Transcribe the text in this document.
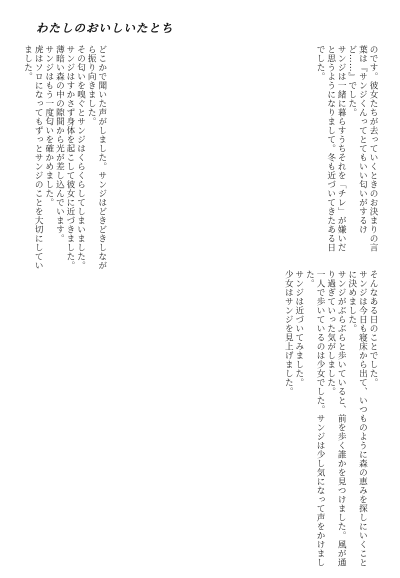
わたしのおいしいたとち
のです。彼女たちが去っていくときのお決まりの言葉は『サンジくんってとてもいい匂いがするけど……』でした。
サンジは一緒に暮らすうちそれを「チレ」が嫌いだと思うようになりまして。冬も近づいてきたある日でした。
そんなある日のことでした。
サンジは今日も寝床から出て、いつものように森の恵みを探しにいくことに決めました。
サンジがぶらぶらと歩いていると、前を歩く誰かを見つけました。風が通り過ぎていった気がしました。
一人で歩いているのは少女でした。サンジは少し気になって声をかけました。
サンジは近づいてみました。
少女はサンジを見上げました。
どこかで聞いた声がしました。サンジはどきどきしながら振り向きました。
その匂いを嗅ぐとサンジはくらくらしてしまいました。
サンジはすかさず身体を起こして彼女に近づきました。
薄暗い森の中の隙間から光が差し込んでいます。
サンジはもう一度匂いを確かめました。
虎はソロになってもずっとサンジのことを大切にしていました。
